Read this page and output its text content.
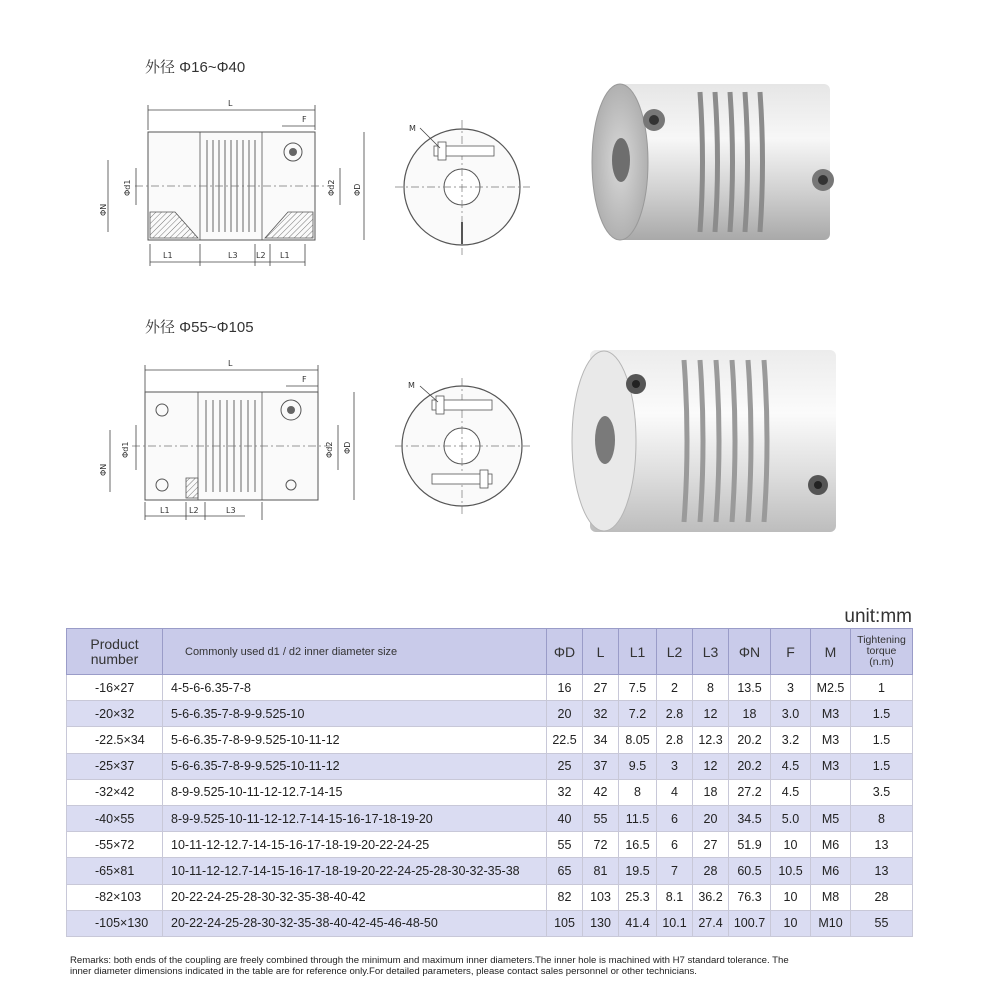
外径 Φ16~Φ40
L
F
ΦN
Φd1	Φd2 ΦD
L1	L3 L2 L1
M
外径 Φ55~Φ105
L
F
ΦN
Φd1	Φd2 ΦD
L1 L2	L3
M
unit:mm
Product
number	Commonly used d1 / d2 inner diameter size	ΦD	L	L1	L2	L3	ΦN	F	M	Tightening
torque
(n.m)
-16×27	4-5-6-6.35-7-8	16	27	7.5	2	8	13.5	3	M2.5	1
-20×32	5-6-6.35-7-8-9-9.525-10	20	32	7.2	2.8	12	18	3.0	M3	1.5
-22.5×34	5-6-6.35-7-8-9-9.525-10-11-12	22.5	34	8.05	2.8	12.3	20.2	3.2	M3	1.5
-25×37	5-6-6.35-7-8-9-9.525-10-11-12	25	37	9.5	3	12	20.2	4.5	M3	1.5
-32×42	8-9-9.525-10-11-12-12.7-14-15	32	42	8	4	18	27.2	4.5		3.5
-40×55	8-9-9.525-10-11-12-12.7-14-15-16-17-18-19-20	40	55	11.5	6	20	34.5	5.0	M5	8
-55×72	10-11-12-12.7-14-15-16-17-18-19-20-22-24-25	55	72	16.5	6	27	51.9	10	M6	13
-65×81	10-11-12-12.7-14-15-16-17-18-19-20-22-24-25-28-30-32-35-38	65	81	19.5	7	28	60.5	10.5	M6	13
-82×103	20-22-24-25-28-30-32-35-38-40-42	82	103	25.3	8.1	36.2	76.3	10	M8	28
-105×130	20-22-24-25-28-30-32-35-38-40-42-45-46-48-50	105	130	41.4	10.1	27.4	100.7	10	M10	55
Remarks: both ends of the coupling are freely combined through the minimum and maximum inner diameters.The inner hole is machined with H7 standard tolerance. The
inner diameter dimensions indicated in the table are for reference only.For detailed parameters, please contact sales personnel or other technicians.
